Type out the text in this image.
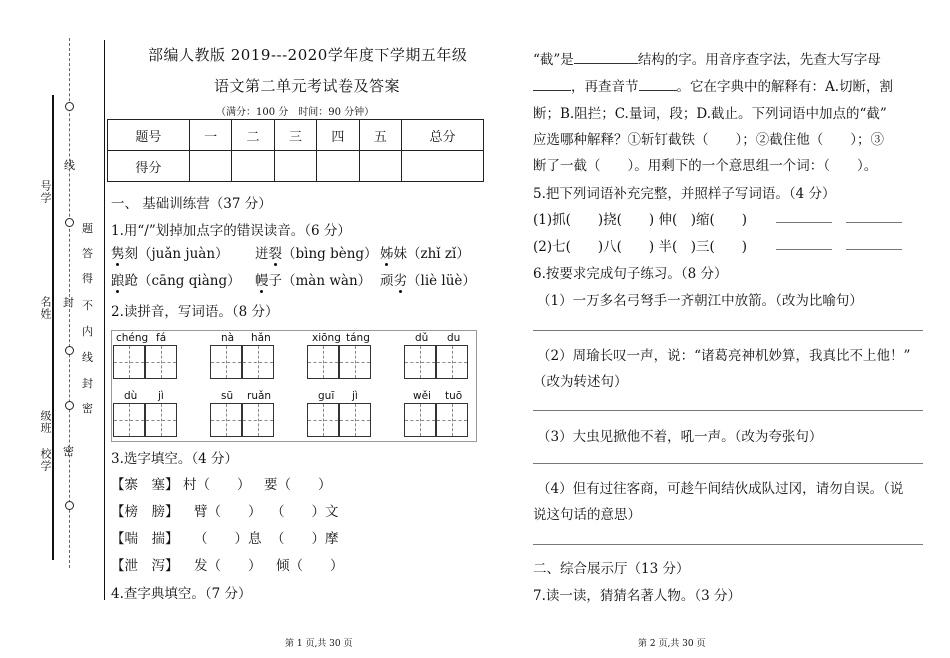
号学
名姓
级班
校学
线
题
答
得
不
内
线
封
密
封
密
部编人教版 2019---2020学年度下学期五年级
语文第二单元考试卷及答案
（满分：100 分　时间：90 分钟）
题号	一	二	三	四	五	总分
得分						
一、 基础训练营（37 分）
1.用“/”划掉加点字的错误读音。（6 分）
隽刻（juǎn juàn） 迸裂（bìng bèng） 姊妹（zhǐ zǐ）
踉跄（cāng qiàng） 幔子（màn wàn） 顽劣（liè lüè）
2.读拼音，写词语。（8 分）
chéng fá	nà hǎn	xiōng táng	dǔ du
dù jì	sū ruǎn	guī jì	wěi tuō
3.选字填空。（4 分）
【寨　塞】 村（　　） 要（　　）
【榜　膀】 臂（　　） （　　）文
【喘　揣】 （　　）息 （　　）摩
【泄　泻】 发（　　） 倾（　　）
4.查字典填空。（7 分）
第 1 页,共 30 页
“截”是	结构的字。用音序查字法，先查大写字母
，再查音节	。它在字典中的解释有：A.切断，割
断；B.阻拦；C.量词，段；D.截止。下列词语中加点的“截”
应选哪种解释？①斩钉截铁（　　）；②截住他（　　）；③
断了一截（　　）。用剩下的一个意思组一个词：（　　）。
5.把下列词语补充完整，并照样子写词语。（4 分）
(1)抓(　　)挠(　　) 伸(　)缩(　　)
(2)七(　　)八(　　) 半(　)三(　　)
6.按要求完成句子练习。（8 分）
（1）一万多名弓弩手一齐朝江中放箭。（改为比喻句）
（2）周瑜长叹一声，说：“诸葛亮神机妙算，我真比不上他！”
（改为转述句）
（3）大虫见掀他不着，吼一声。（改为夸张句）
（4）但有过往客商，可趁午间结伙成队过冈，请勿自误。（说
说这句话的意思）
二、综合展示厅（13 分）
7.读一读，猜猜名著人物。（3 分）
第 2 页,共 30 页
